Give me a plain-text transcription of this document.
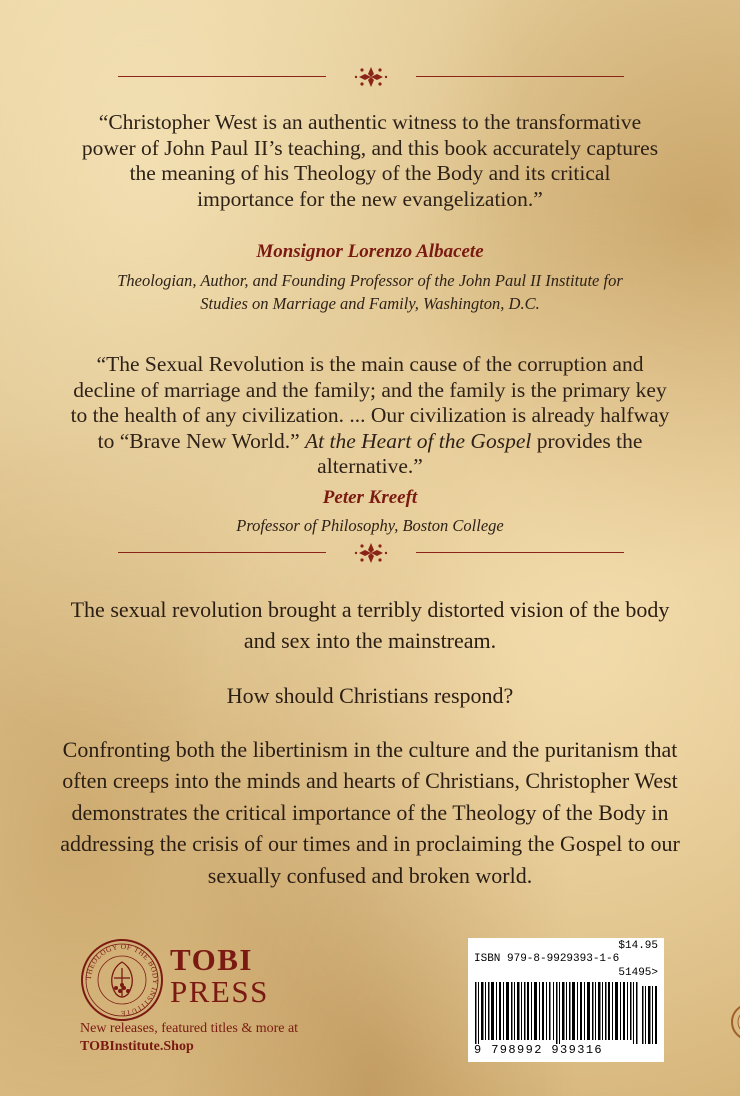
“Christopher West is an authentic witness to the transformative power of John Paul II’s teaching, and this book accurately captures the meaning of his Theology of the Body and its critical importance for the new evangelization.”
Monsignor Lorenzo Albacete
Theologian, Author, and Founding Professor of the John Paul II Institute for Studies on Marriage and Family, Washington, D.C.
“The Sexual Revolution is the main cause of the corruption and decline of marriage and the family; and the family is the primary key to the health of any civilization. ... Our civilization is already halfway to “Brave New World.” At the Heart of the Gospel provides the alternative.”
Peter Kreeft
Professor of Philosophy, Boston College
The sexual revolution brought a terribly distorted vision of the body and sex into the mainstream.
How should Christians respond?
Confronting both the libertinism in the culture and the puritanism that often creeps into the minds and hearts of Christians, Christopher West demonstrates the critical importance of the Theology of the Body in addressing the crisis of our times and in proclaiming the Gospel to our sexually confused and broken world.
THEOLOGY OF THE BODY INSTITUTE
TOBI
PRESS
New releases, featured titles & more at
TOBInstitute.Shop
$14.95
ISBN 979-8-9929393-1-6
51495>
9 798992 939316
